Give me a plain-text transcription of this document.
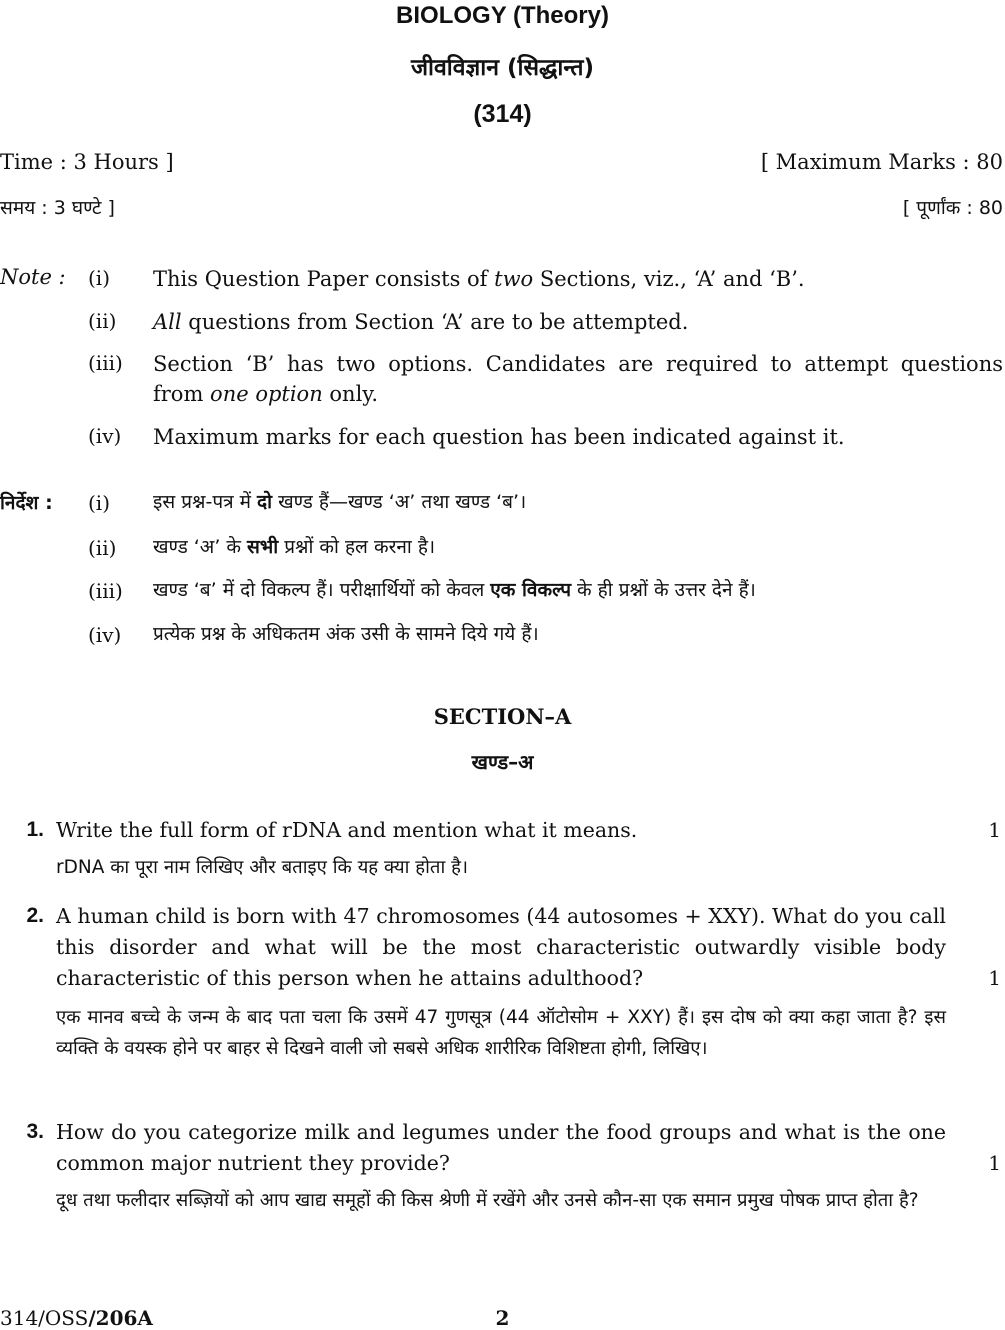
BIOLOGY (Theory)
जीवविज्ञान (सिद्धान्त)
(314)
Time : 3 Hours ]	[ Maximum Marks : 80
समय : 3 घण्टे ]	[ पूर्णांक : 80
Note : (i)	This Question Paper consists of two Sections, viz., ‘A’ and ‘B’.
(ii)	All questions from Section ‘A’ are to be attempted.
(iii)	Section ‘B’ has two options. Candidates are required to attempt questions
from one option only.
(iv)	Maximum marks for each question has been indicated against it.
निर्देश : (i)	इस प्रश्न-पत्र में दो खण्ड हैं—खण्ड ‘अ’ तथा खण्ड ‘ब’।
(ii)	खण्ड ‘अ’ के सभी प्रश्नों को हल करना है।
(iii)	खण्ड ‘ब’ में दो विकल्प हैं। परीक्षार्थियों को केवल एक विकल्प के ही प्रश्नों के उत्तर देने हैं।
(iv)	प्रत्येक प्रश्न के अधिकतम अंक उसी के सामने दिये गये हैं।
SECTION–A
खण्ड–अ
1. Write the full form of rDNA and mention what it means.	1
rDNA का पूरा नाम लिखिए और बताइए कि यह क्या होता है।
2. A human child is born with 47 chromosomes (44 autosomes + XXY). What do you call this disorder and what will be the most characteristic outwardly visible body characteristic of this person when he attains adulthood?	1
एक मानव बच्चे के जन्म के बाद पता चला कि उसमें 47 गुणसूत्र (44 ऑटोसोम + XXY) हैं। इस दोष को क्या कहा जाता है? इस व्यक्ति के वयस्क होने पर बाहर से दिखने वाली जो सबसे अधिक शारीरिक विशिष्टता होगी, लिखिए।
3. How do you categorize milk and legumes under the food groups and what is the one common major nutrient they provide?	1
दूध तथा फलीदार सब्ज़ियों को आप खाद्य समूहों की किस श्रेणी में रखेंगे और उनसे कौन-सा एक समान प्रमुख पोषक प्राप्त होता है?
314/OSS/206A	2
